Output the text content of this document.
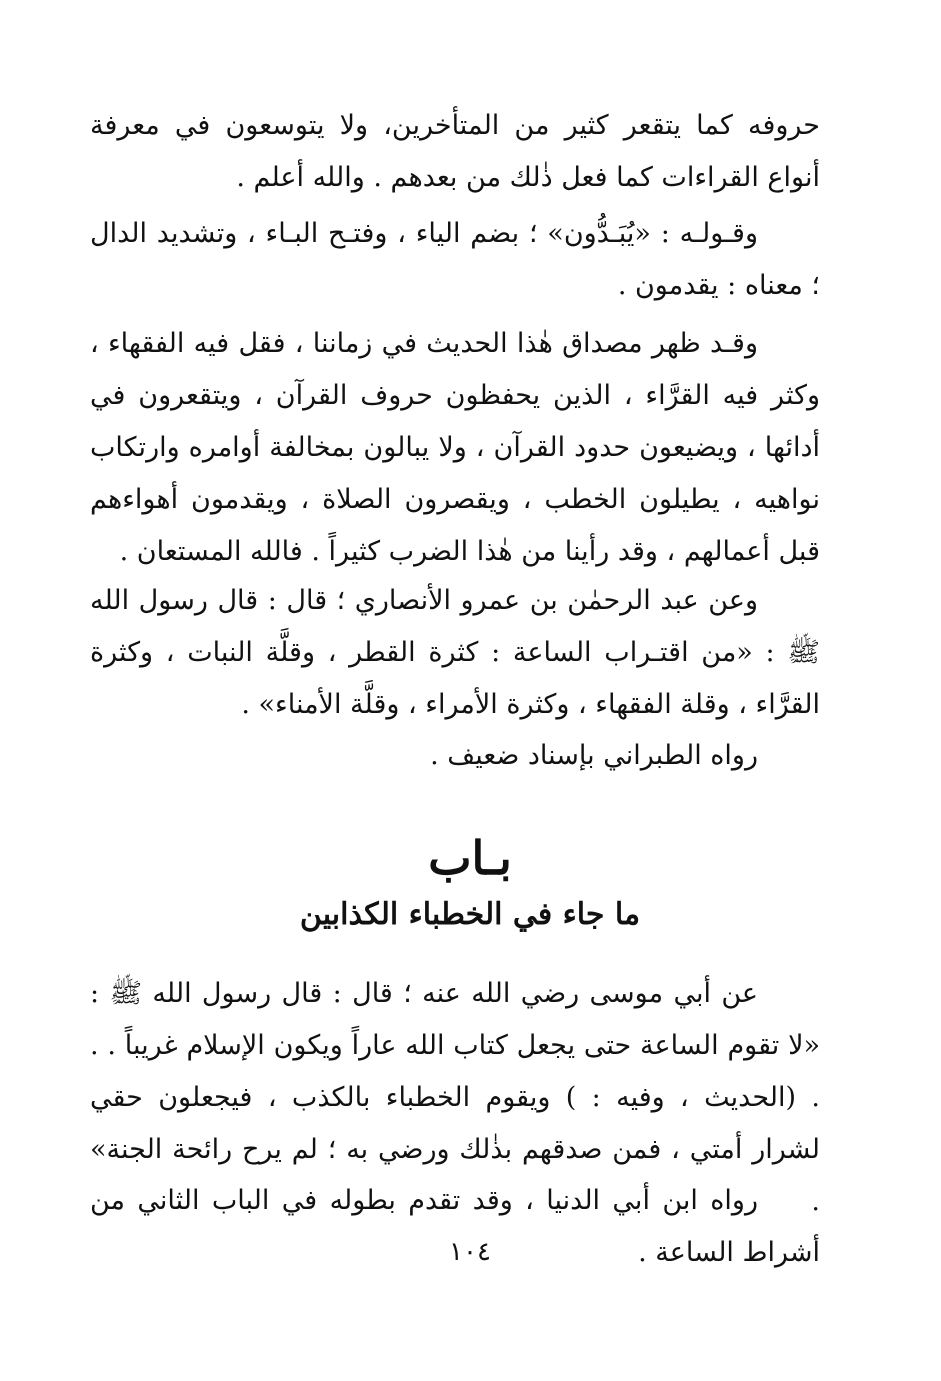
حروفه كما يتقعر كثير من المتأخرين، ولا يتوسعون في معرفة أنواع القراءات كما فعل ذٰلك من بعدهم . والله أعلم .

وقـولـه : «يُبَـدُّون» ؛ بضم الياء ، وفتـح البـاء ، وتشديد الدال ؛ معناه : يقدمون .

وقـد ظهر مصداق هٰذا الحديث في زماننا ، فقل فيه الفقهاء ، وكثر فيه القرَّاء ، الذين يحفظون حروف القرآن ، ويتقعرون في أدائها ، ويضيعون حدود القرآن ، ولا يبالون بمخالفة أوامره وارتكاب نواهيه ، يطيلون الخطب ، ويقصرون الصلاة ، ويقدمون أهواءهم قبل أعمالهم ، وقد رأينا من هٰذا الضرب كثيراً . فالله المستعان .

وعن عبد الرحمٰن بن عمرو الأنصاري ؛ قال : قال رسول الله ﷺ : «من اقتـراب الساعة : كثرة القطر ، وقلَّة النبات ، وكثرة القرَّاء ، وقلة الفقهاء ، وكثرة الأمراء ، وقلَّة الأمناء» .

رواه الطبراني بإسناد ضعيف .

بـاب
ما جاء في الخطباء الكذابين

عن أبي موسى رضي الله عنه ؛ قال : قال رسول الله ﷺ : «لا تقوم الساعة حتى يجعل كتاب الله عاراً ويكون الإسلام غريباً . . . (الحديث ، وفيه : ) ويقوم الخطباء بالكذب ، فيجعلون حقي لشرار أمتي ، فمن صدقهم بذٰلك ورضي به ؛ لم يرح رائحة الجنة» .

رواه ابن أبي الدنيا ، وقد تقدم بطوله في الباب الثاني من أشراط الساعة .

١٠٤
